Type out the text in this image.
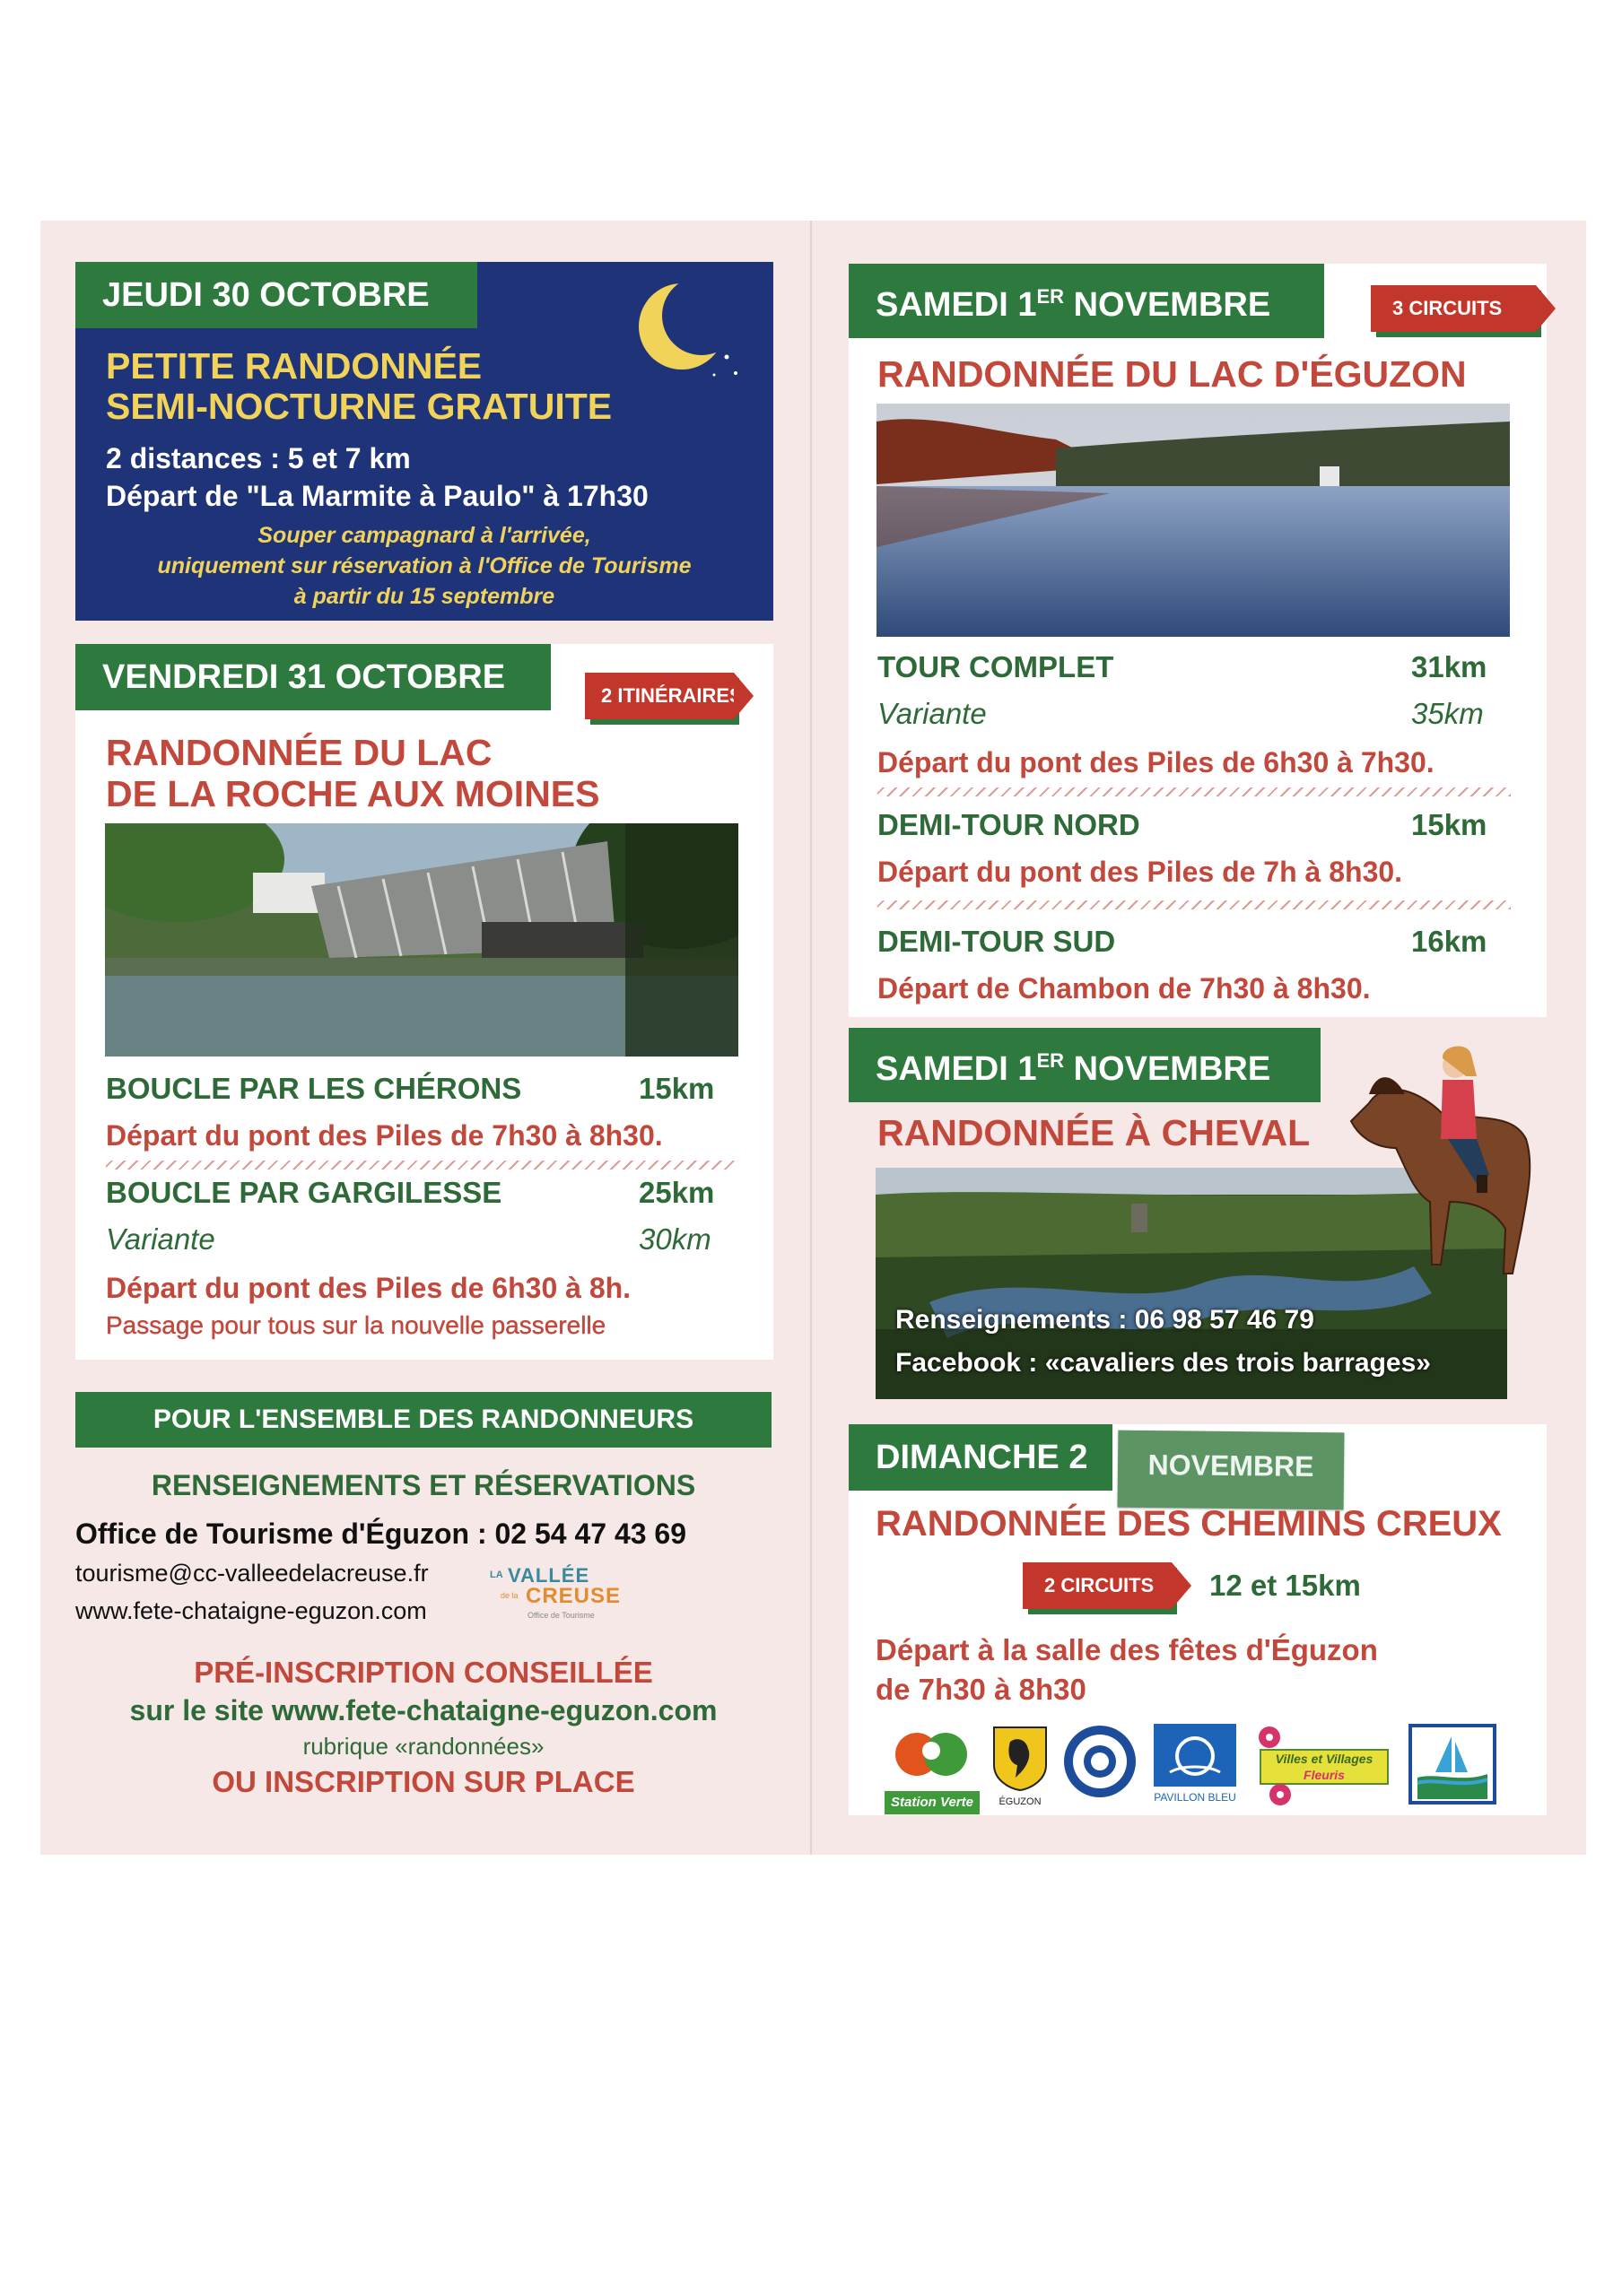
JEUDI 30 OCTOBRE
PETITE RANDONNÉE
SEMI-NOCTURNE GRATUITE
2 distances : 5 et 7 km
Départ de "La Marmite à Paulo" à 17h30
Souper campagnard à l'arrivée,
uniquement sur réservation à l'Office de Tourisme
à partir du 15 septembre
VENDREDI 31 OCTOBRE	2 ITINÉRAIRES
RANDONNÉE DU LAC
DE LA ROCHE AUX MOINES
BOUCLE PAR LES CHÉRONS	15km
Départ du pont des Piles de 7h30 à 8h30.
BOUCLE PAR GARGILESSE	25km
Variante	30km
Départ du pont des Piles de 6h30 à 8h.
Passage pour tous sur la nouvelle passerelle
POUR L'ENSEMBLE DES RANDONNEURS
RENSEIGNEMENTS ET RÉSERVATIONS
Office de Tourisme d'Éguzon : 02 54 47 43 69
tourisme@cc-valleedelacreuse.fr
www.fete-chataigne-eguzon.com
LA VALLÉE
de la CREUSE
Office de Tourisme
PRÉ-INSCRIPTION CONSEILLÉE
sur le site www.fete-chataigne-eguzon.com
rubrique «randonnées»
OU INSCRIPTION SUR PLACE
SAMEDI 1ER NOVEMBRE	3 CIRCUITS
RANDONNÉE DU LAC D'ÉGUZON
TOUR COMPLET	31km
Variante	35km
Départ du pont des Piles de 6h30 à 7h30.
DEMI-TOUR NORD	15km
Départ du pont des Piles de 7h à 8h30.
DEMI-TOUR SUD	16km
Départ de Chambon de 7h30 à 8h30.
SAMEDI 1ER NOVEMBRE
RANDONNÉE À CHEVAL
Renseignements : 06 98 57 46 79
Facebook : «cavaliers des trois barrages»
DIMANCHE 2	NOVEMBRE
RANDONNÉE DES CHEMINS CREUX
2 CIRCUITS	12 et 15km
Départ à la salle des fêtes d'Éguzon
de 7h30 à 8h30
Station Verte	ÉGUZON	PAVILLON BLEU
Villes et Villages
Fleuris
